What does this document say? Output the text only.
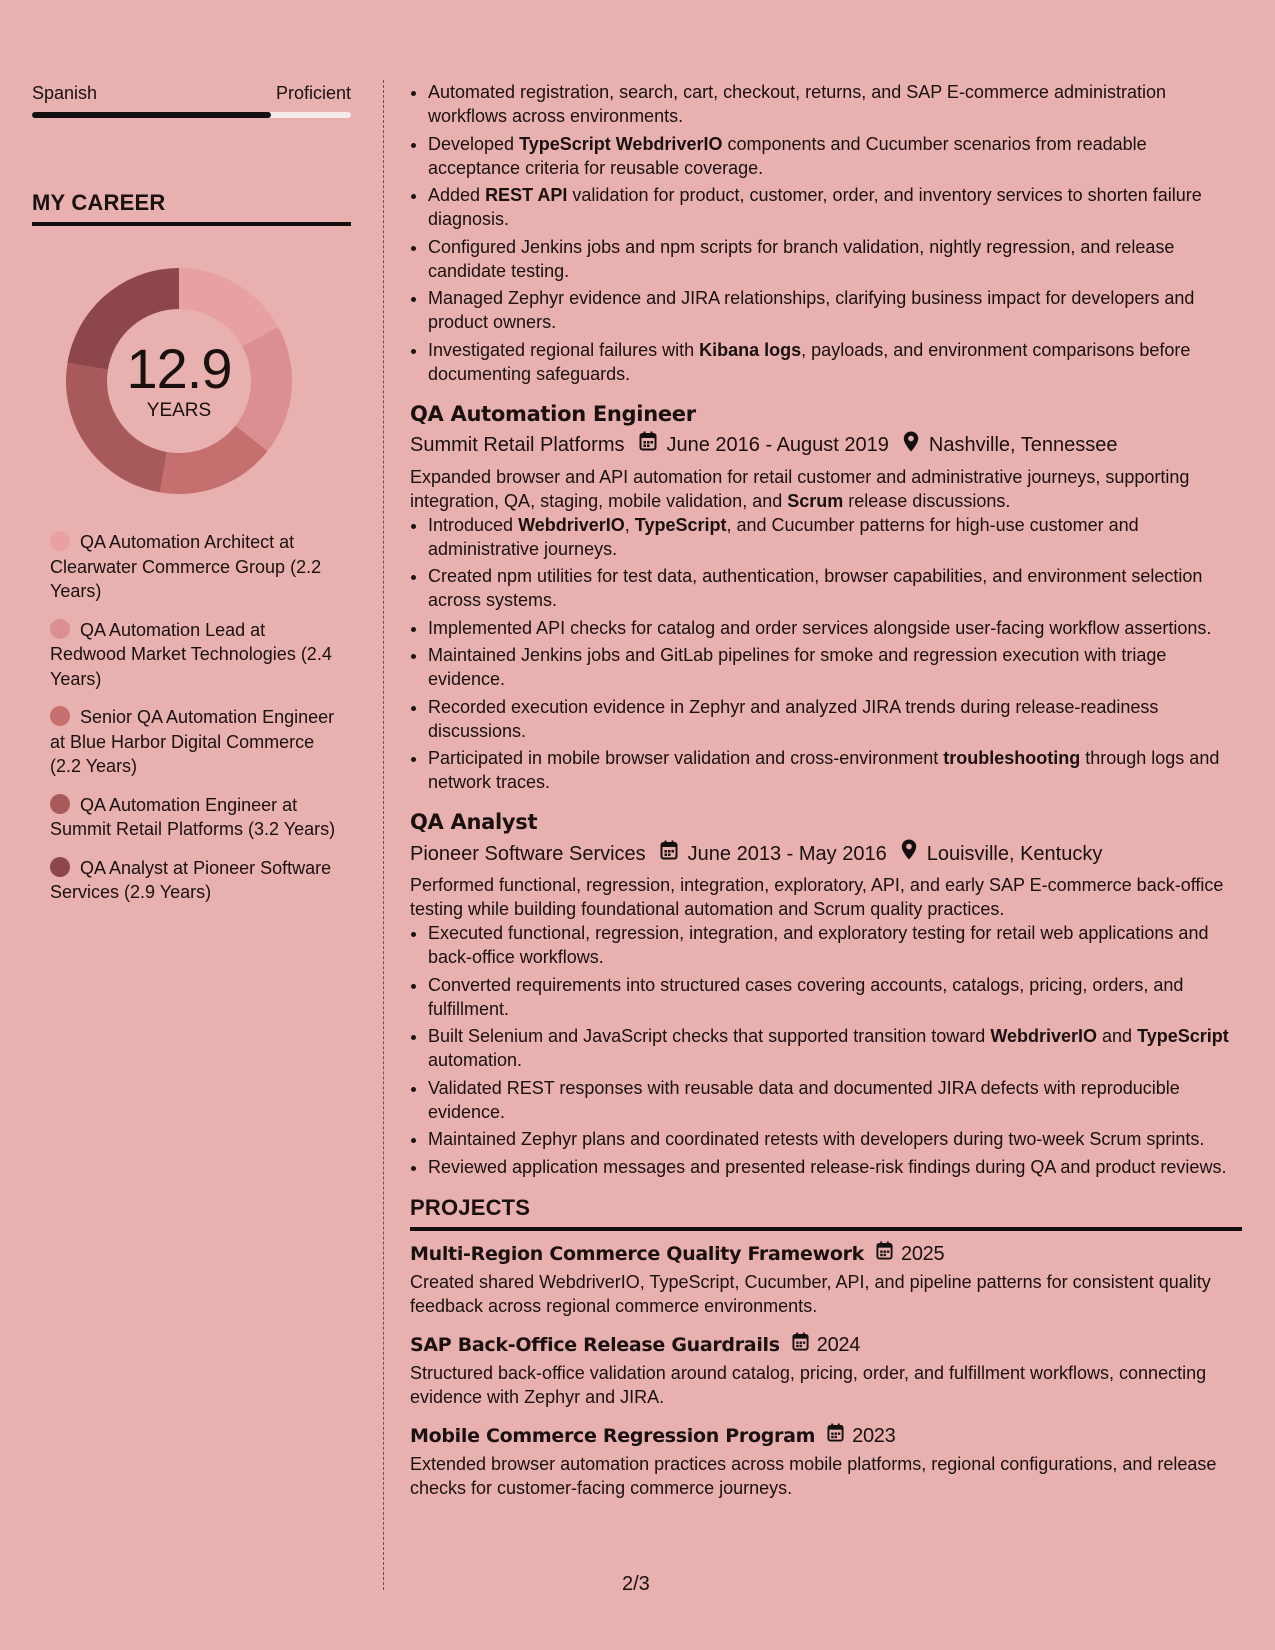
Spanish	Proficient
MY CAREER
12.9
YEARS
QA Automation Architect at Clearwater Commerce Group (2.2 Years)
QA Automation Lead at Redwood Market Technologies (2.4 Years)
Senior QA Automation Engineer at Blue Harbor Digital Commerce (2.2 Years)
QA Automation Engineer at Summit Retail Platforms (3.2 Years)
QA Analyst at Pioneer Software Services (2.9 Years)
• Automated registration, search, cart, checkout, returns, and SAP E-commerce administration workflows across environments.
• Developed TypeScript WebdriverIO components and Cucumber scenarios from readable acceptance criteria for reusable coverage.
• Added REST API validation for product, customer, order, and inventory services to shorten failure diagnosis.
• Configured Jenkins jobs and npm scripts for branch validation, nightly regression, and release candidate testing.
• Managed Zephyr evidence and JIRA relationships, clarifying business impact for developers and product owners.
• Investigated regional failures with Kibana logs, payloads, and environment comparisons before documenting safeguards.
QA Automation Engineer
Summit Retail Platforms June 2016 - August 2019 Nashville, Tennessee
Expanded browser and API automation for retail customer and administrative journeys, supporting integration, QA, staging, mobile validation, and Scrum release discussions.
• Introduced WebdriverIO, TypeScript, and Cucumber patterns for high-use customer and administrative journeys.
• Created npm utilities for test data, authentication, browser capabilities, and environment selection across systems.
• Implemented API checks for catalog and order services alongside user-facing workflow assertions.
• Maintained Jenkins jobs and GitLab pipelines for smoke and regression execution with triage evidence.
• Recorded execution evidence in Zephyr and analyzed JIRA trends during release-readiness discussions.
• Participated in mobile browser validation and cross-environment troubleshooting through logs and network traces.
QA Analyst
Pioneer Software Services June 2013 - May 2016 Louisville, Kentucky
Performed functional, regression, integration, exploratory, API, and early SAP E-commerce back-office testing while building foundational automation and Scrum quality practices.
• Executed functional, regression, integration, and exploratory testing for retail web applications and back-office workflows.
• Converted requirements into structured cases covering accounts, catalogs, pricing, orders, and fulfillment.
• Built Selenium and JavaScript checks that supported transition toward WebdriverIO and TypeScript automation.
• Validated REST responses with reusable data and documented JIRA defects with reproducible evidence.
• Maintained Zephyr plans and coordinated retests with developers during two-week Scrum sprints.
• Reviewed application messages and presented release-risk findings during QA and product reviews.
PROJECTS
Multi-Region Commerce Quality Framework 2025
Created shared WebdriverIO, TypeScript, Cucumber, API, and pipeline patterns for consistent quality feedback across regional commerce environments.
SAP Back-Office Release Guardrails 2024
Structured back-office validation around catalog, pricing, order, and fulfillment workflows, connecting evidence with Zephyr and JIRA.
Mobile Commerce Regression Program 2023
Extended browser automation practices across mobile platforms, regional configurations, and release checks for customer-facing commerce journeys.
2/3
